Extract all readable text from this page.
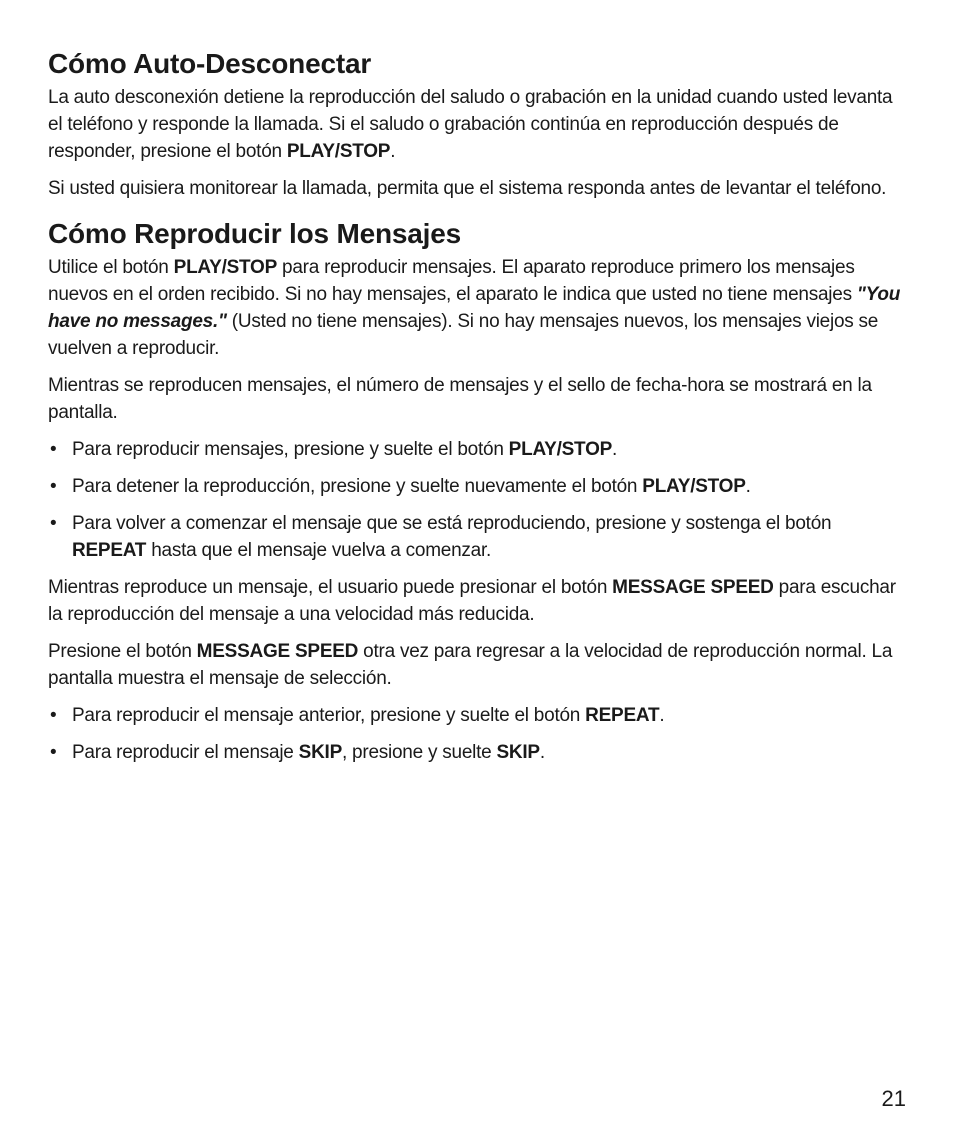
Cómo Auto-Desconectar

La auto desconexión detiene la reproducción del saludo o grabación en la unidad cuando usted levanta el teléfono y responde la llamada. Si el saludo o grabación continúa en reproducción después de responder, presione el botón PLAY/STOP.

Si usted quisiera monitorear la llamada, permita que el sistema responda antes de levantar el teléfono.

Cómo Reproducir los Mensajes

Utilice el botón PLAY/STOP para reproducir mensajes. El aparato reproduce primero los mensajes nuevos en el orden recibido. Si no hay mensajes, el aparato le indica que usted no tiene mensajes "You have no messages." (Usted no tiene mensajes). Si no hay mensajes nuevos, los mensajes viejos se vuelven a reproducir.

Mientras se reproducen mensajes, el número de mensajes y el sello de fecha-hora se mostrará en la pantalla.

• Para reproducir mensajes, presione y suelte el botón PLAY/STOP.
• Para detener la reproducción, presione y suelte nuevamente el botón PLAY/STOP.
• Para volver a comenzar el mensaje que se está reproduciendo, presione y sostenga el botón REPEAT hasta que el mensaje vuelva a comenzar.

Mientras reproduce un mensaje, el usuario puede presionar el botón MESSAGE SPEED para escuchar la reproducción del mensaje a una velocidad más reducida.

Presione el botón MESSAGE SPEED otra vez para regresar a la velocidad de reproducción normal. La pantalla muestra el mensaje de selección.

• Para reproducir el mensaje anterior, presione y suelte el botón REPEAT.
• Para reproducir el mensaje SKIP, presione y suelte SKIP.
21
